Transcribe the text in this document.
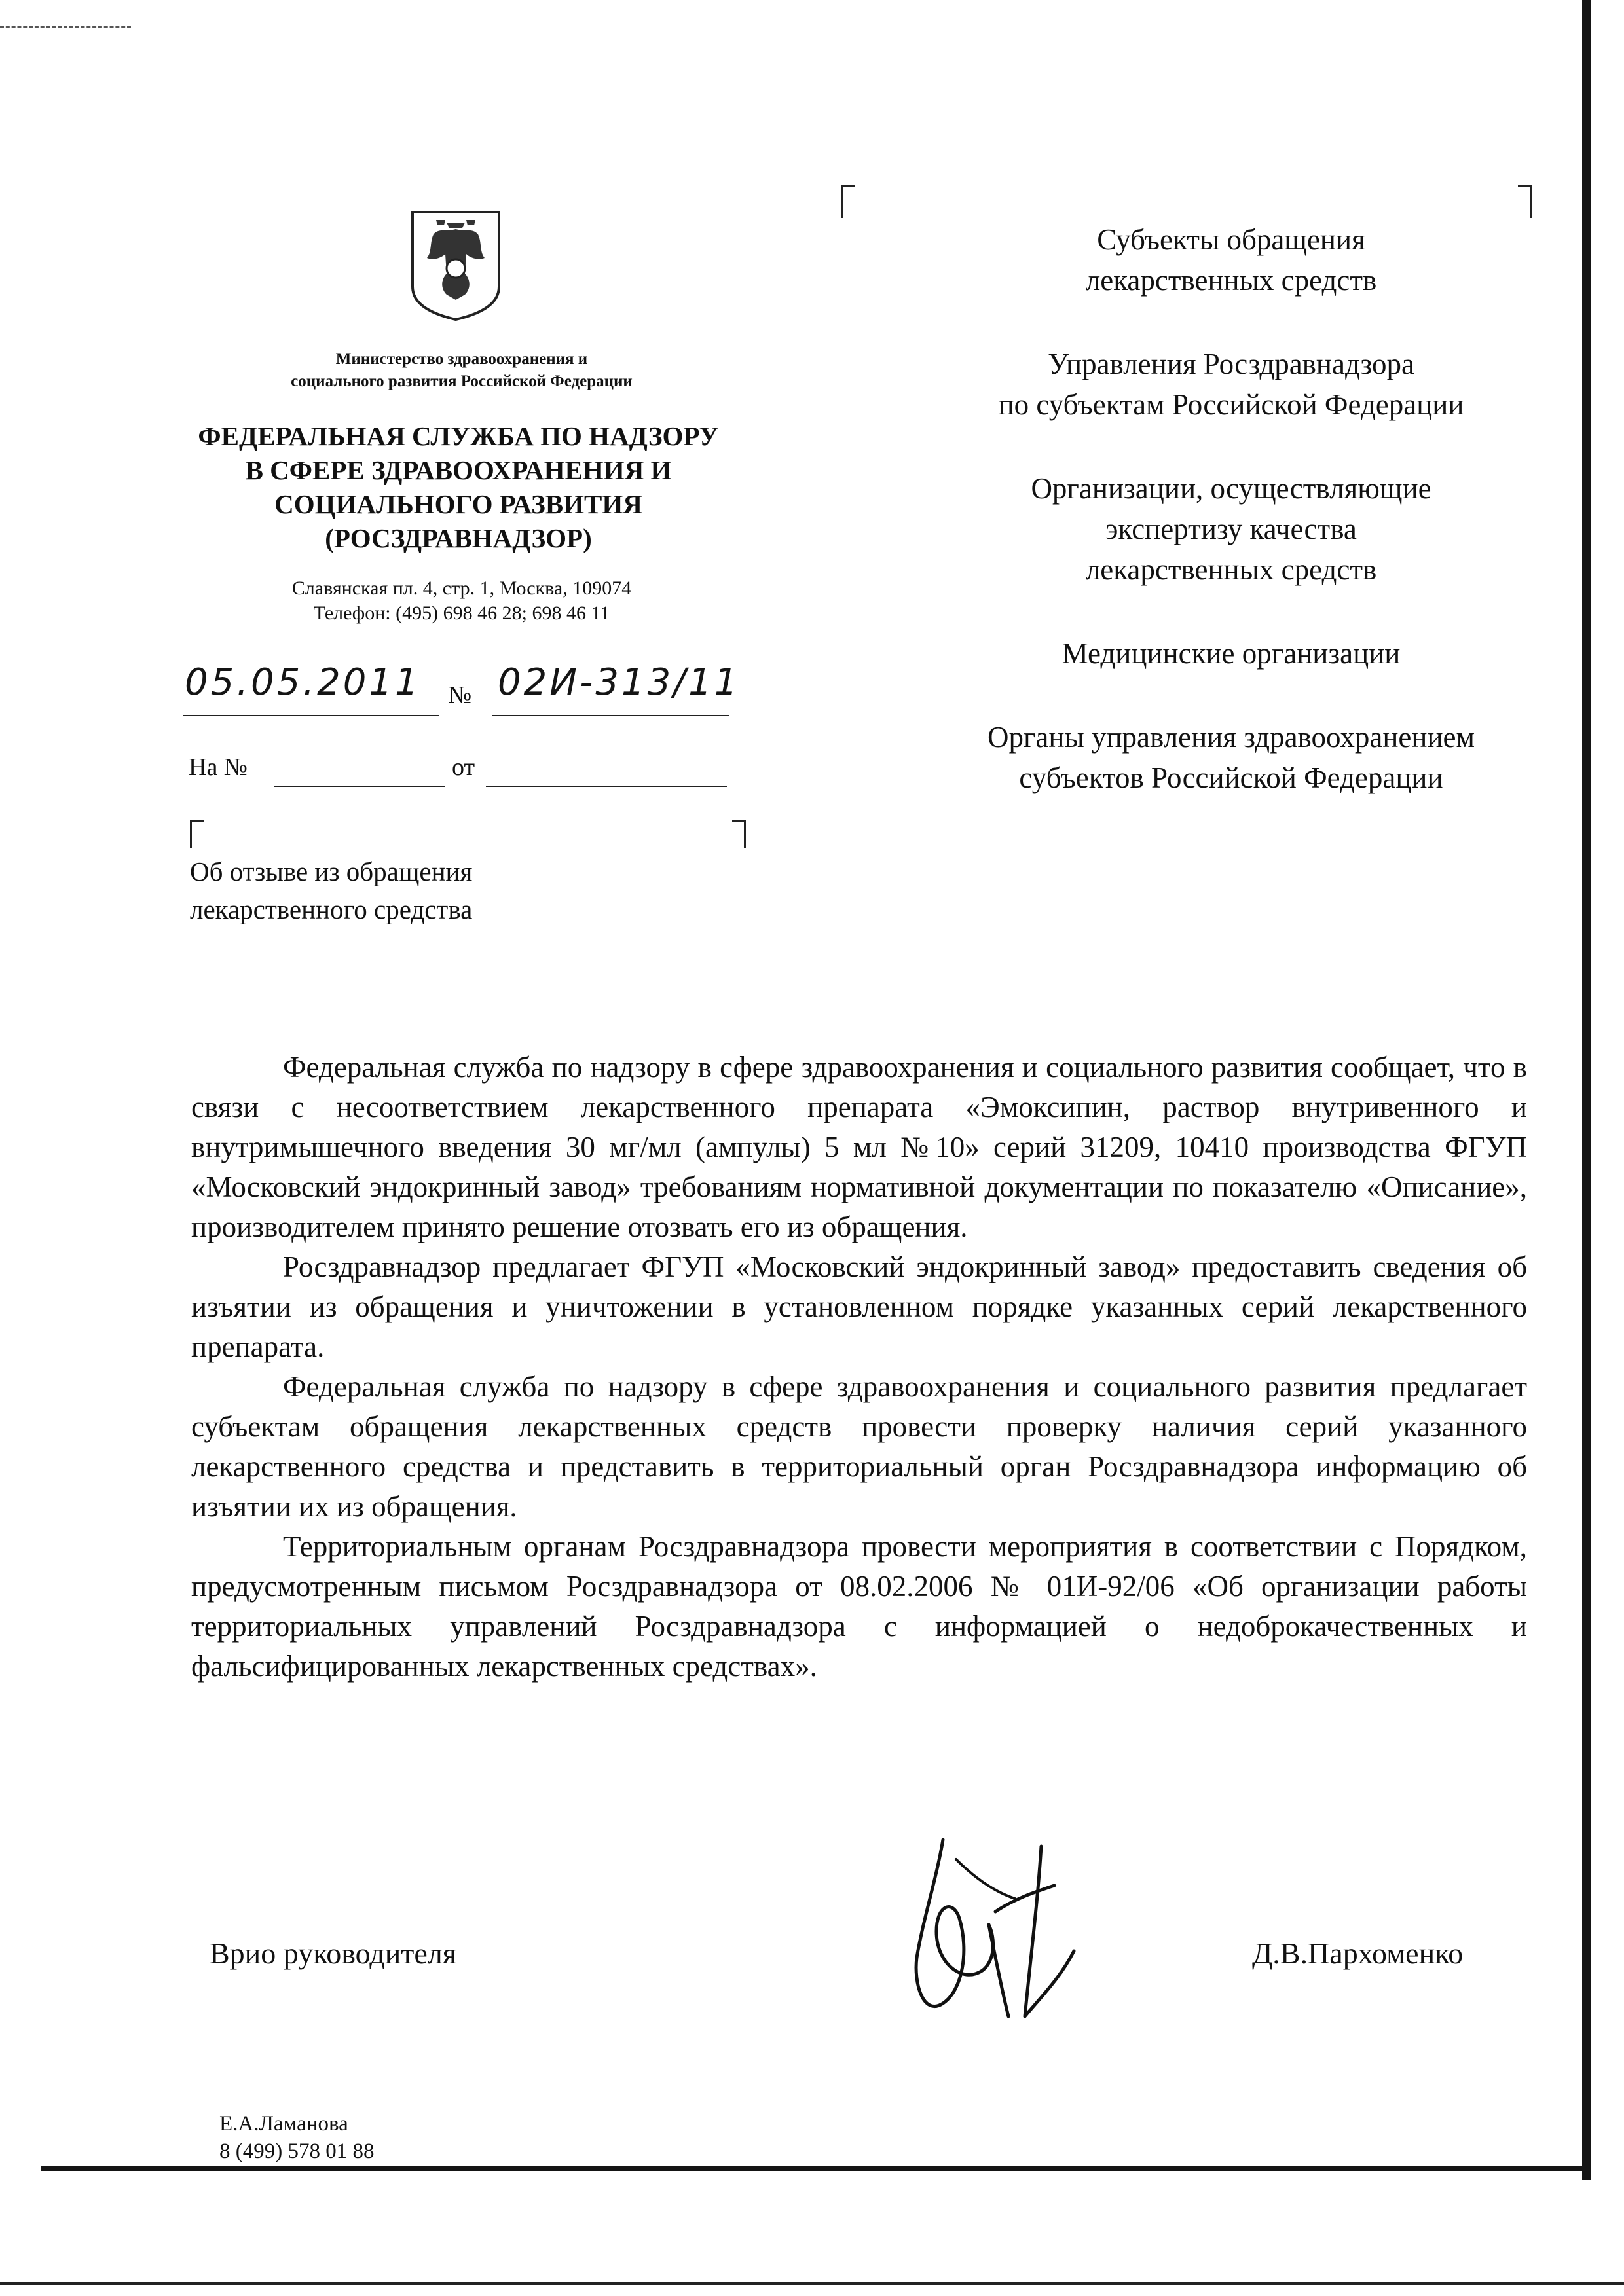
Министерство здравоохранения и
социального развития Российской Федерации
ФЕДЕРАЛЬНАЯ СЛУЖБА ПО НАДЗОРУ
В СФЕРЕ ЗДРАВООХРАНЕНИЯ И
СОЦИАЛЬНОГО РАЗВИТИЯ
(РОСЗДРАВНАДЗОР)
Славянская пл. 4, стр. 1, Москва, 109074
Телефон: (495) 698 46 28; 698 46 11
05.05.2011 № 02И-313/11
На №	от
Об отзыве из обращения
лекарственного средства
Субъекты обращения
лекарственных средств
Управления Росздравнадзора
по субъектам Российской Федерации
Организации, осуществляющие
экспертизу качества
лекарственных средств
Медицинские организации
Органы управления здравоохранением
субъектов Российской Федерации

Федеральная служба по надзору в сфере здравоохранения и социального развития сообщает, что в связи с несоответствием лекарственного препарата «Эмоксипин, раствор внутривенного и внутримышечного введения 30 мг/мл (ампулы) 5 мл №10» серий 31209, 10410 производства ФГУП «Московский эндокринный завод» требованиям нормативной документации по показателю «Описание», производителем принято решение отозвать его из обращения.

Росздравнадзор предлагает ФГУП «Московский эндокринный завод» предоставить сведения об изъятии из обращения и уничтожении в установленном порядке указанных серий лекарственного препарата.

Федеральная служба по надзору в сфере здравоохранения и социального развития предлагает субъектам обращения лекарственных средств провести проверку наличия серий указанного лекарственного средства и представить в территориальный орган Росздравнадзора информацию об изъятии их из обращения.

Территориальным органам Росздравнадзора провести мероприятия в соответствии с Порядком, предусмотренным письмом Росздравнадзора от 08.02.2006 № 01И-92/06 «Об организации работы территориальных управлений Росздравнадзора с информацией о недоброкачественных и фальсифицированных лекарственных средствах».

Врио руководителя	Д.В.Пархоменко
Е.А.Ламанова
8 (499) 578 01 88
